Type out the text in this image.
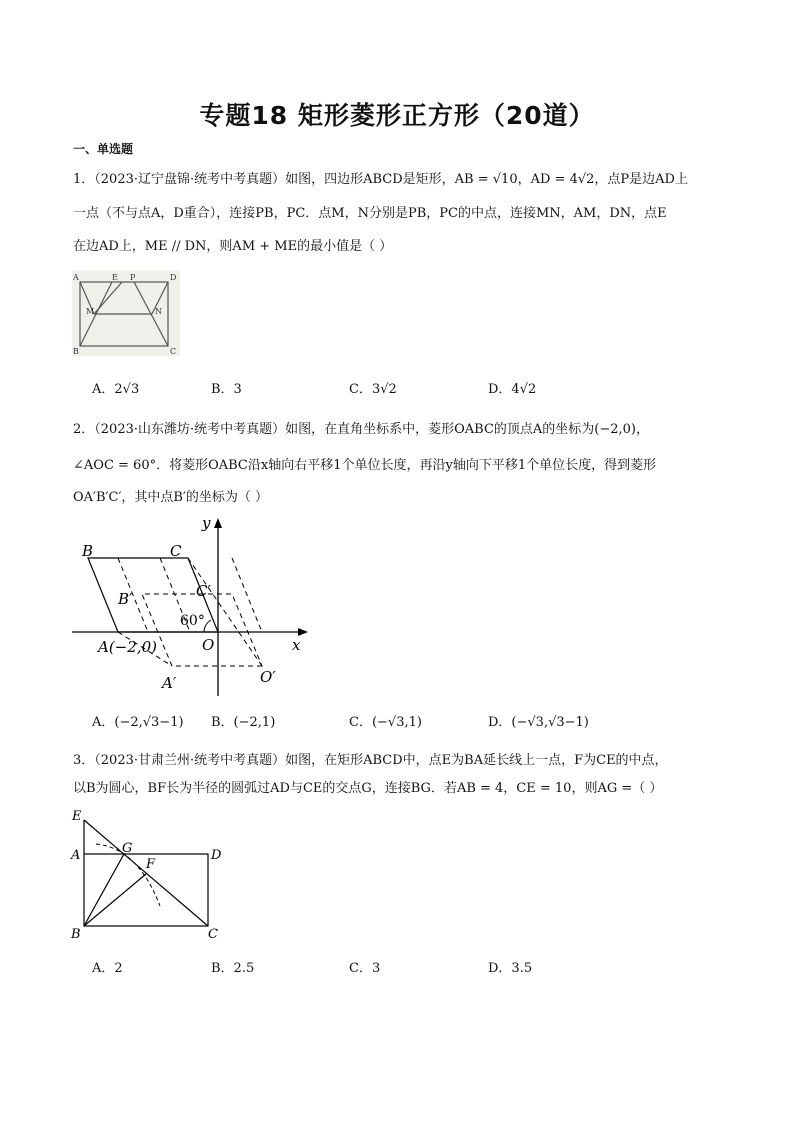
专题18 矩形菱形正方形（20道）
一、单选题
1．（2023·辽宁盘锦·统考中考真题）如图，四边形ABCD是矩形，AB = √10，AD = 4√2，点P是边AD上
一点（不与点A，D重合），连接PB，PC．点M，N分别是PB，PC的中点，连接MN，AM，DN，点E
在边AD上，ME // DN，则AM + ME的最小值是（ ）
A	E P	D
M	N
B	C
A．2√3	B．3	C．3√2	D．4√2
2．（2023·山东潍坊·统考中考真题）如图，在直角坐标系中，菱形OABC的顶点A的坐标为(−2,0)，
∠AOC = 60°．将菱形OABC沿x轴向右平移1个单位长度，再沿y轴向下平移1个单位长度，得到菱形
OA′B′C′，其中点B′的坐标为（ ）
B	C
C′
B′
O
A(−2,0)
A′	O′
x
y
60°
A．(−2,√3−1) B．(−2,1)	C．(−√3,1)	D．(−√3,√3−1)
3．（2023·甘肃兰州·统考中考真题）如图，在矩形ABCD中，点E为BA延长线上一点，F为CE的中点，
以B为圆心，BF长为半径的圆弧过AD与CE的交点G，连接BG．若AB = 4，CE = 10，则AG =（ ）
E
A	G
F
D
B	C
A．2	B．2.5	C．3	D．3.5
